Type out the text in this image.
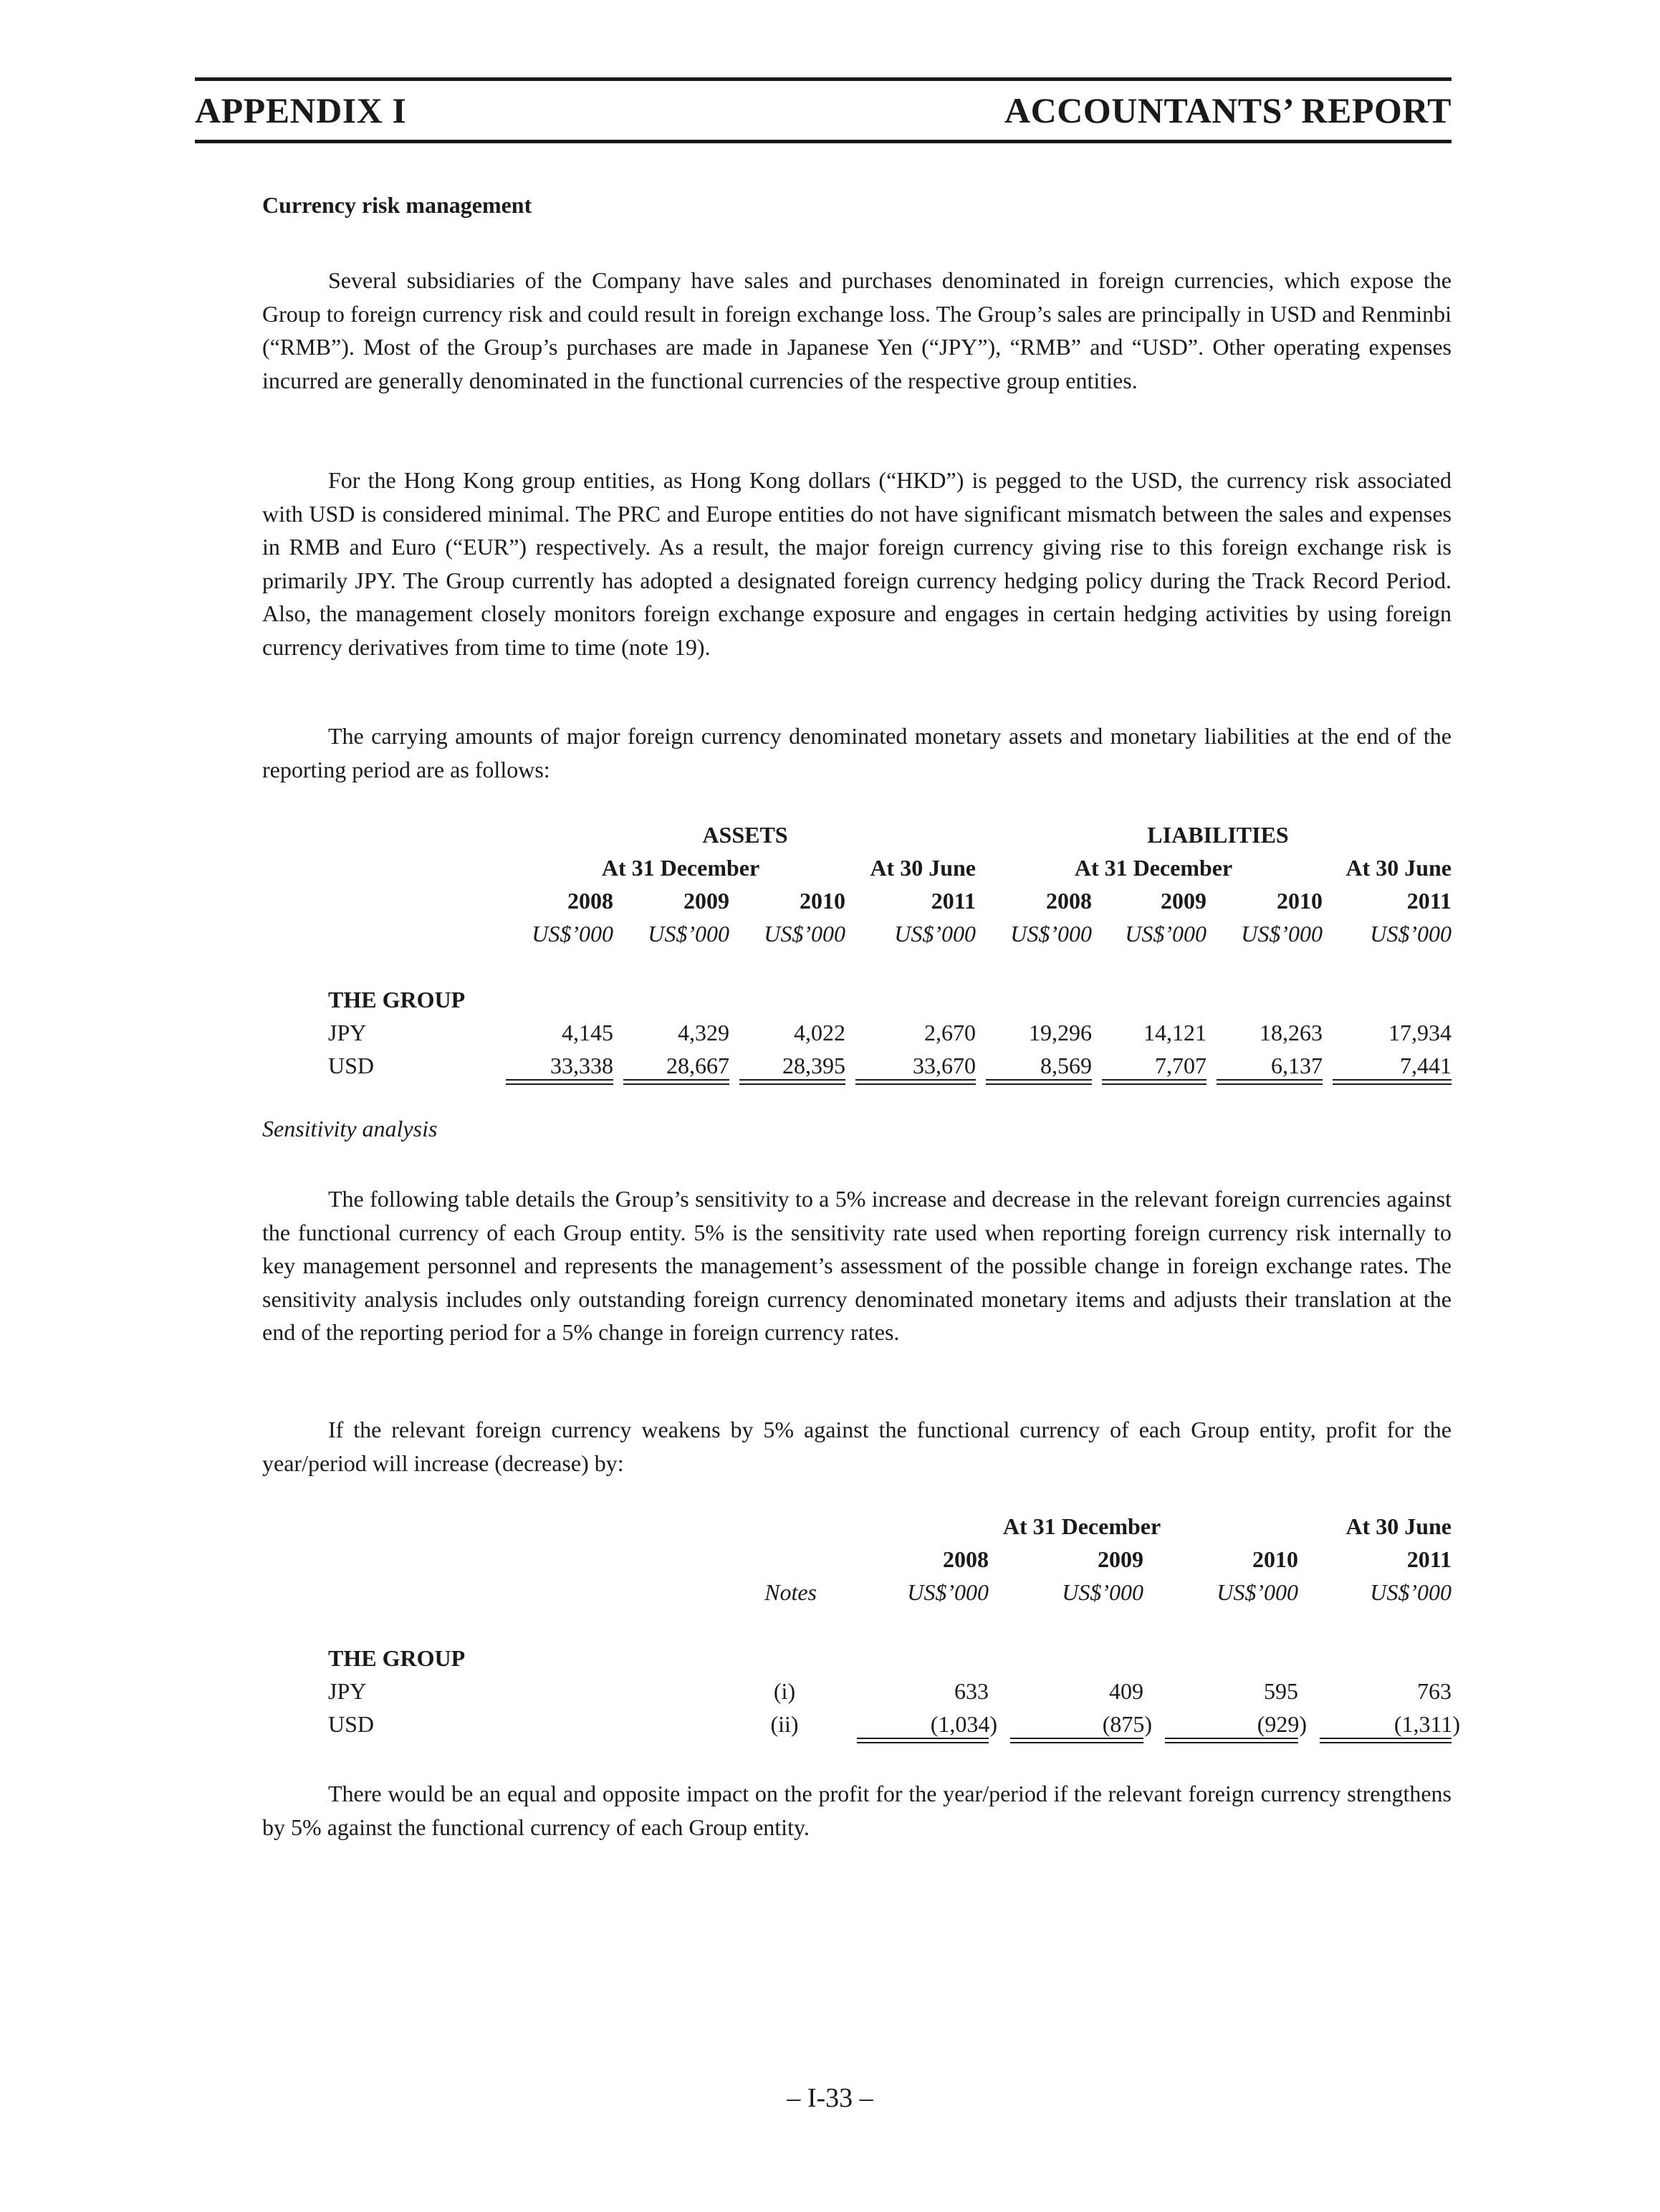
APPENDIX I	ACCOUNTANTS’ REPORT
Currency risk management

Several subsidiaries of the Company have sales and purchases denominated in foreign currencies, which expose the Group to foreign currency risk and could result in foreign exchange loss. The Group’s sales are principally in USD and Renminbi (“RMB”). Most of the Group’s purchases are made in Japanese Yen (“JPY”), “RMB” and “USD”. Other operating expenses incurred are generally denominated in the functional currencies of the respective group entities.

For the Hong Kong group entities, as Hong Kong dollars (“HKD”) is pegged to the USD, the currency risk associated with USD is considered minimal. The PRC and Europe entities do not have significant mismatch between the sales and expenses in RMB and Euro (“EUR”) respectively. As a result, the major foreign currency giving rise to this foreign exchange risk is primarily JPY. The Group currently has adopted a designated foreign currency hedging policy during the Track Record Period. Also, the management closely monitors foreign exchange exposure and engages in certain hedging activities by using foreign currency derivatives from time to time (note 19).

The carrying amounts of major foreign currency denominated monetary assets and monetary liabilities at the end of the reporting period are as follows:

ASSETS	LIABILITIES
At 31 December	At 30 June	At 31 December	At 30 June
2008	2009	2010	2011	2008	2009	2010	2011
US$’000	US$’000	US$’000	US$’000	US$’000	US$’000	US$’000	US$’000
THE GROUP
JPY	4,145	4,329	4,022	2,670	19,296	14,121	18,263	17,934
USD	33,338	28,667	28,395	33,670	8,569	7,707	6,137	7,441
Sensitivity analysis

The following table details the Group’s sensitivity to a 5% increase and decrease in the relevant foreign currencies against the functional currency of each Group entity. 5% is the sensitivity rate used when reporting foreign currency risk internally to key management personnel and represents the management’s assessment of the possible change in foreign exchange rates. The sensitivity analysis includes only outstanding foreign currency denominated monetary items and adjusts their translation at the end of the reporting period for a 5% change in foreign currency rates.

If the relevant foreign currency weakens by 5% against the functional currency of each Group entity, profit for the year/period will increase (decrease) by:

At 31 December	At 30 June
2008	2009	2010	2011
Notes	US$’000	US$’000	US$’000	US$’000
THE GROUP
JPY	(i)	633	409	595	763
USD	(ii)	(1,034)	(875)	(929)	(1,311)

There would be an equal and opposite impact on the profit for the year/period if the relevant foreign currency strengthens by 5% against the functional currency of each Group entity.

– I-33 –
